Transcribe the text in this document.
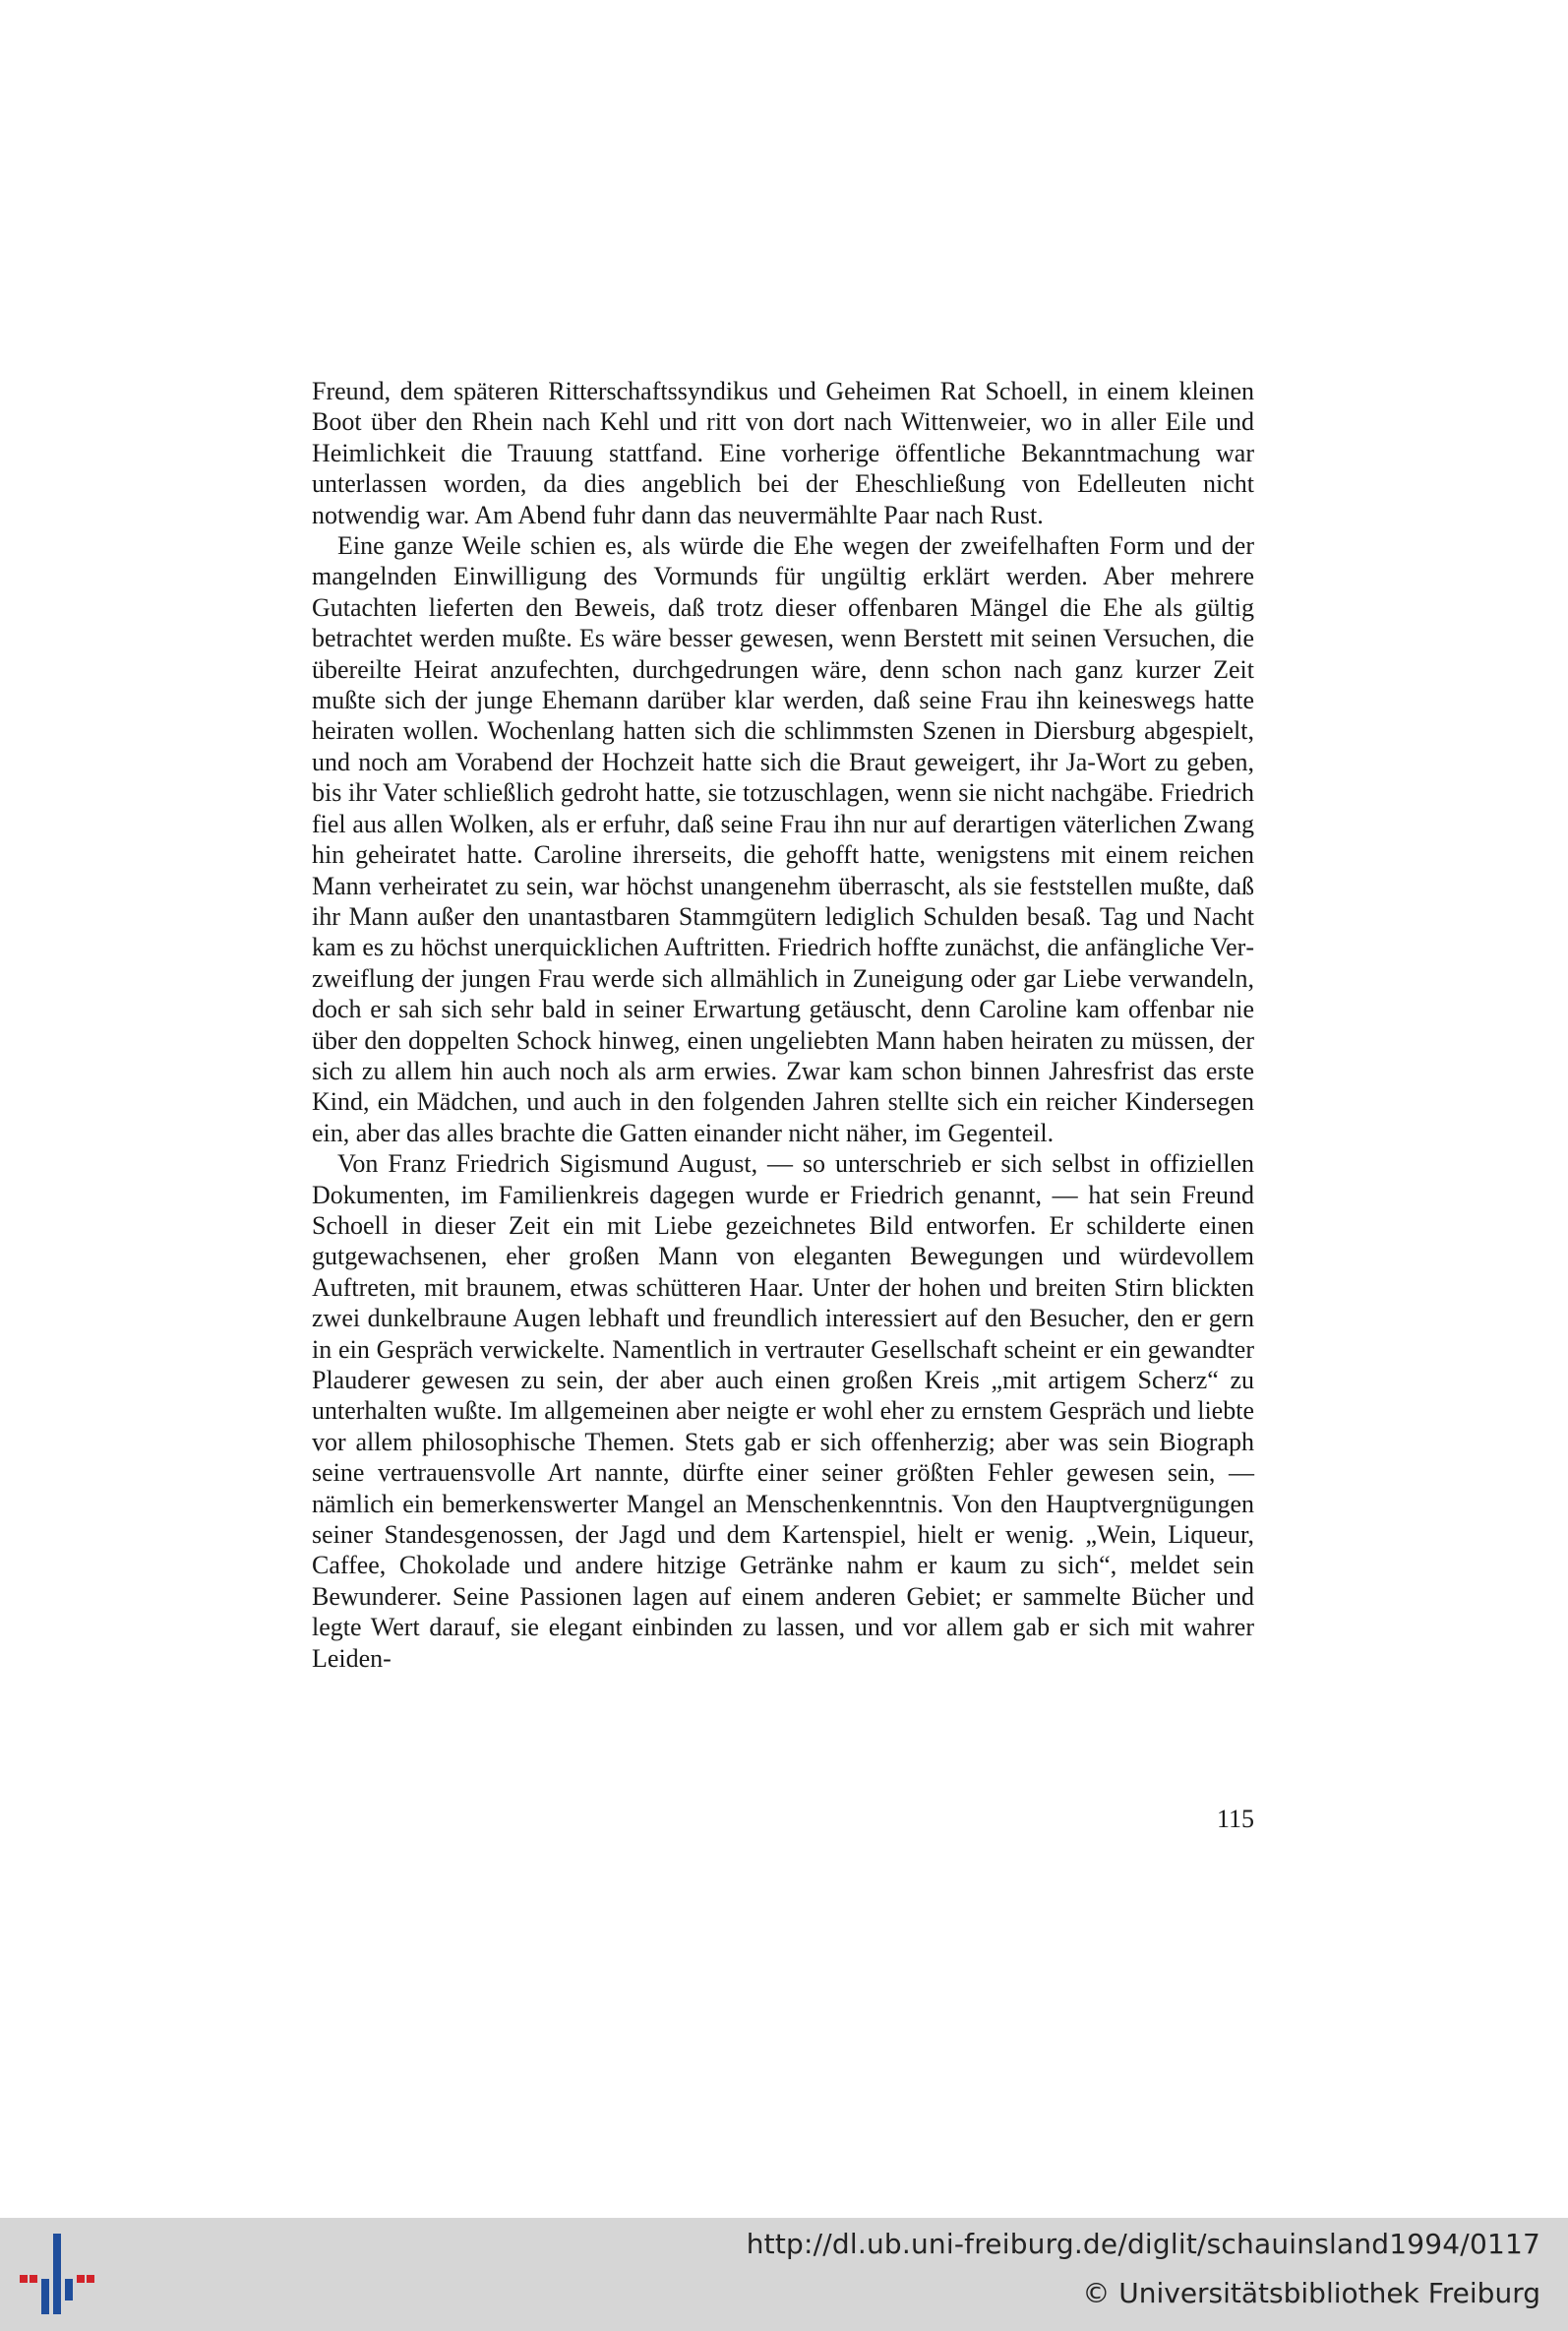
Freund, dem späteren Ritterschaftssyndikus und Geheimen Rat Schoell, in einem kleinen Boot über den Rhein nach Kehl und ritt von dort nach Wittenweier, wo in aller Eile und Heimlichkeit die Trauung stattfand. Eine vorherige öffentliche Bekanntmachung war unterlassen worden, da dies angeblich bei der Eheschließung von Edelleuten nicht notwendig war. Am Abend fuhr dann das neuvermählte Paar nach Rust.

Eine ganze Weile schien es, als würde die Ehe wegen der zweifelhaften Form und der mangelnden Einwilligung des Vormunds für ungültig erklärt werden. Aber mehrere Gutachten lieferten den Beweis, daß trotz dieser offenbaren Mängel die Ehe als gültig betrachtet werden mußte. Es wäre besser gewesen, wenn Berstett mit seinen Versuchen, die übereilte Heirat anzufechten, durchgedrungen wäre, denn schon nach ganz kurzer Zeit mußte sich der junge Ehemann darüber klar werden, daß seine Frau ihn keineswegs hatte heiraten wollen. Wochenlang hatten sich die schlimmsten Szenen in Diersburg abgespielt, und noch am Vorabend der Hochzeit hatte sich die Braut geweigert, ihr Ja-Wort zu geben, bis ihr Vater schließlich gedroht hatte, sie totzuschlagen, wenn sie nicht nachgäbe. Friedrich fiel aus allen Wolken, als er erfuhr, daß seine Frau ihn nur auf derartigen väterlichen Zwang hin geheiratet hatte. Caroline ihrerseits, die gehofft hatte, wenigstens mit einem reichen Mann verheiratet zu sein, war höchst unangenehm überrascht, als sie feststellen mußte, daß ihr Mann außer den unantastbaren Stammgütern lediglich Schulden besaß. Tag und Nacht kam es zu höchst unerquicklichen Auftritten. Friedrich hoffte zunächst, die anfängliche Verzweiflung der jungen Frau werde sich allmählich in Zuneigung oder gar Liebe verwandeln, doch er sah sich sehr bald in seiner Erwartung getäuscht, denn Caroline kam offenbar nie über den doppelten Schock hinweg, einen ungeliebten Mann haben heiraten zu müssen, der sich zu allem hin auch noch als arm erwies. Zwar kam schon binnen Jahresfrist das erste Kind, ein Mädchen, und auch in den folgenden Jahren stellte sich ein reicher Kindersegen ein, aber das alles brachte die Gatten einander nicht näher, im Gegenteil.

Von Franz Friedrich Sigismund August, — so unterschrieb er sich selbst in offiziellen Dokumenten, im Familienkreis dagegen wurde er Friedrich genannt, — hat sein Freund Schoell in dieser Zeit ein mit Liebe gezeichnetes Bild entworfen. Er schilderte einen gutgewachsenen, eher großen Mann von eleganten Bewegungen und würdevollem Auftreten, mit braunem, etwas schütteren Haar. Unter der hohen und breiten Stirn blickten zwei dunkelbraune Augen lebhaft und freundlich interessiert auf den Besucher, den er gern in ein Gespräch verwickelte. Namentlich in vertrauter Gesellschaft scheint er ein gewandter Plauderer gewesen zu sein, der aber auch einen großen Kreis „mit artigem Scherz“ zu unterhalten wußte. Im allgemeinen aber neigte er wohl eher zu ernstem Gespräch und liebte vor allem philosophische Themen. Stets gab er sich offenherzig; aber was sein Biograph seine vertrauensvolle Art nannte, dürfte einer seiner größten Fehler gewesen sein, — nämlich ein bemerkenswerter Mangel an Menschenkenntnis. Von den Hauptvergnügungen seiner Standesgenossen, der Jagd und dem Kartenspiel, hielt er wenig. „Wein, Liqueur, Caffee, Chokolade und andere hitzige Getränke nahm er kaum zu sich“, meldet sein Bewunderer. Seine Passionen lagen auf einem anderen Gebiet; er sammelte Bücher und legte Wert darauf, sie elegant einbinden zu lassen, und vor allem gab er sich mit wahrer Leiden-

115
http://dl.ub.uni-freiburg.de/diglit/schauinsland1994/0117
© Universitätsbibliothek Freiburg
